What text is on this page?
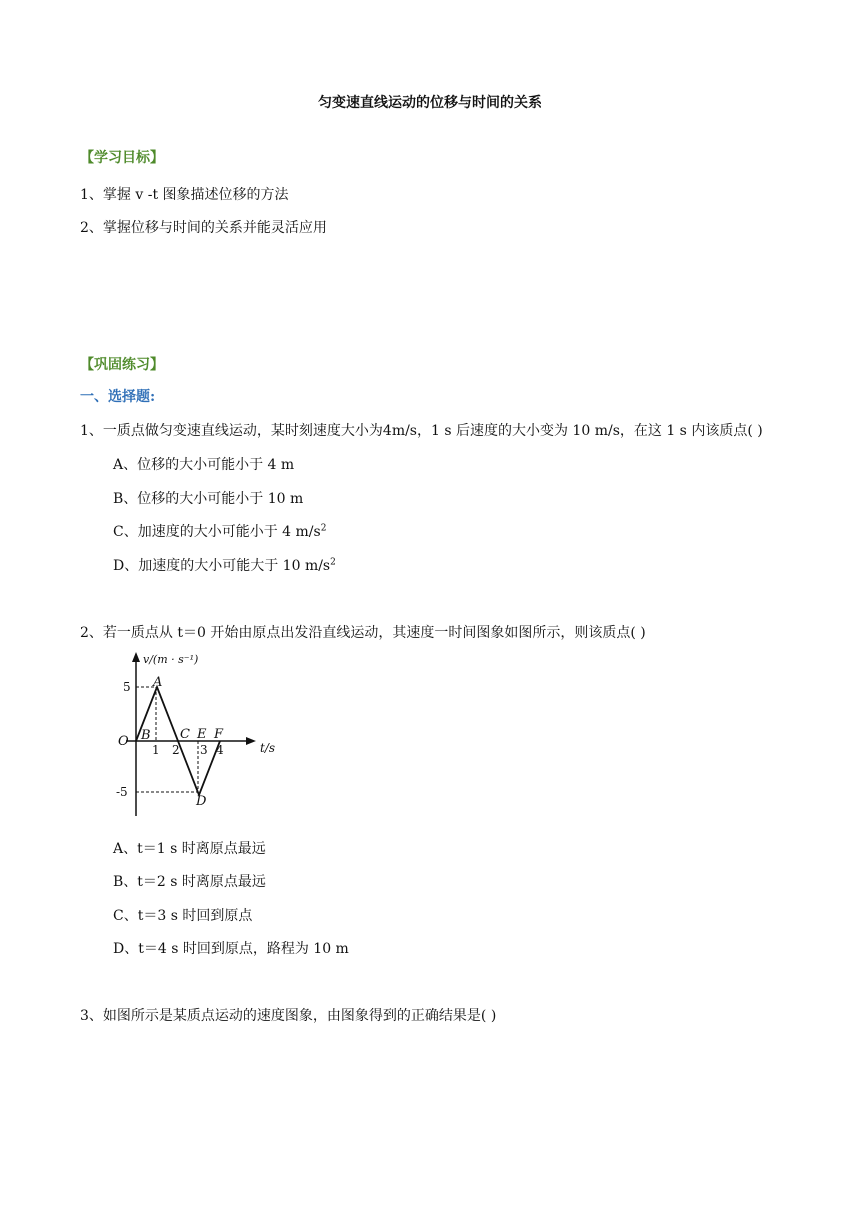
匀变速直线运动的位移与时间的关系
【学习目标】
1、掌握 v -t 图象描述位移的方法
2、掌握位移与时间的关系并能灵活应用
【巩固练习】
一、选择题:
1、一质点做匀变速直线运动，某时刻速度大小为4m/s，1 s 后速度的大小变为 10 m/s，在这 1 s 内该质点( )
A、位移的大小可能小于 4 m
B、位移的大小可能小于 10 m
C、加速度的大小可能小于 4 $m/s^2$
D、加速度的大小可能大于 10 $m/s^2$
2、若一质点从 t＝0 开始由原点出发沿直线运动，其速度一时间图象如图所示，则该质点( )
v/(m · s⁻¹)
t/s
O
5
-5
1 2 3 4
A
B C
D
E F
A、t＝1 s 时离原点最远
B、t＝2 s 时离原点最远
C、t＝3 s 时回到原点
D、t＝4 s 时回到原点，路程为 10 m
3、如图所示是某质点运动的速度图象，由图象得到的正确结果是( )
